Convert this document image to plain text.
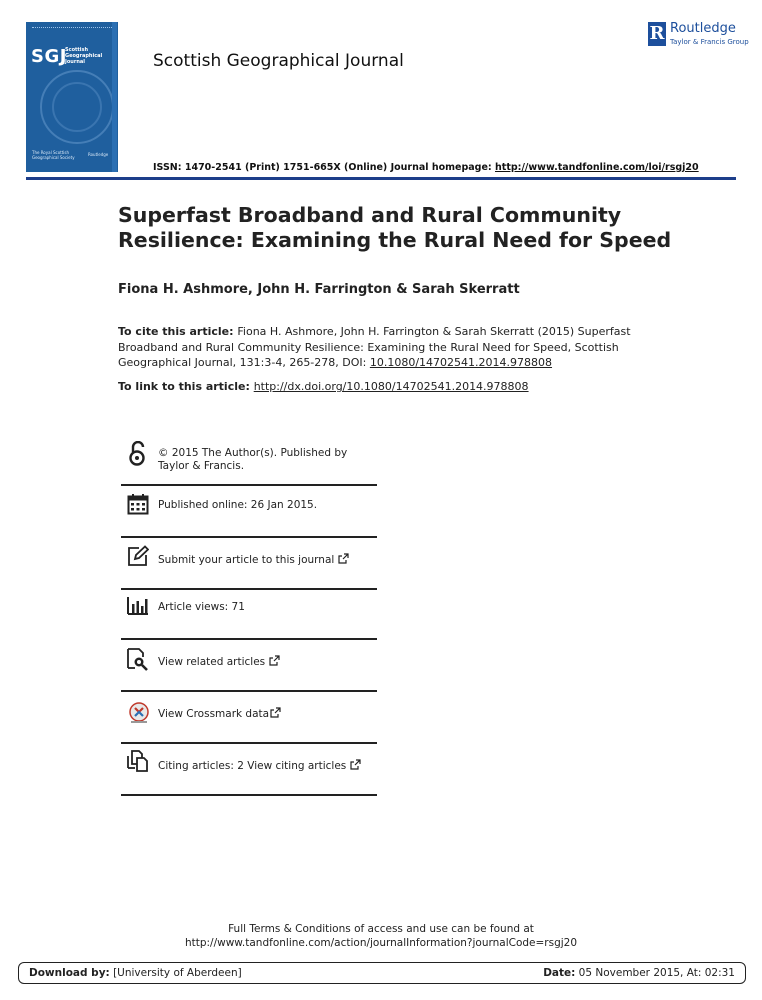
SGJ
Scottish Geographical Journal
The Royal Scottish Geographical Society
Routledge
Scottish Geographical Journal
R Routledge
Taylor & Francis Group
ISSN: 1470-2541 (Print) 1751-665X (Online) Journal homepage: http://www.tandfonline.com/loi/rsgj20
Superfast Broadband and Rural Community Resilience: Examining the Rural Need for Speed
Fiona H. Ashmore, John H. Farrington & Sarah Skerratt
To cite this article: Fiona H. Ashmore, John H. Farrington & Sarah Skerratt (2015) Superfast Broadband and Rural Community Resilience: Examining the Rural Need for Speed, Scottish Geographical Journal, 131:3-4, 265-278, DOI: 10.1080/14702541.2014.978808
To link to this article: http://dx.doi.org/10.1080/14702541.2014.978808
© 2015 The Author(s). Published by Taylor & Francis.
Published online: 26 Jan 2015.
Submit your article to this journal
Article views: 71
View related articles
View Crossmark data
Citing articles: 2 View citing articles
Full Terms & Conditions of access and use can be found at
http://www.tandfonline.com/action/journalInformation?journalCode=rsgj20
Download by: [University of Aberdeen]	Date: 05 November 2015, At: 02:31
